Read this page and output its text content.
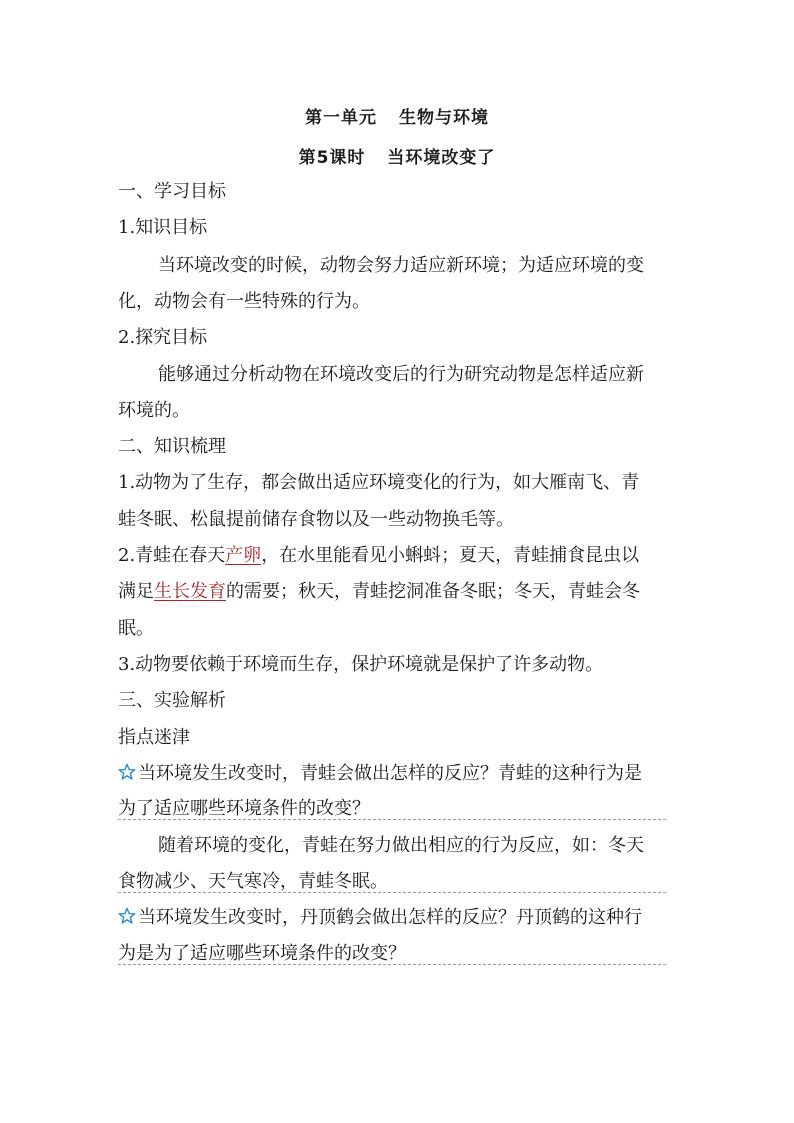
第一单元 生物与环境
第5课时 当环境改变了
一、学习目标
1.知识目标
当环境改变的时候，动物会努力适应新环境；为适应环境的变
化，动物会有一些特殊的行为。
2.探究目标
能够通过分析动物在环境改变后的行为研究动物是怎样适应新
环境的。
二、知识梳理
1.动物为了生存，都会做出适应环境变化的行为，如大雁南飞、青
蛙冬眠、松鼠提前储存食物以及一些动物换毛等。
2.青蛙在春天产卵，在水里能看见小蝌蚪；夏天，青蛙捕食昆虫以
满足生长发育的需要；秋天，青蛙挖洞准备冬眠；冬天，青蛙会冬
眠。
3.动物要依赖于环境而生存，保护环境就是保护了许多动物。
三、实验解析
指点迷津
当环境发生改变时，青蛙会做出怎样的反应？青蛙的这种行为是
为了适应哪些环境条件的改变？
随着环境的变化，青蛙在努力做出相应的行为反应，如：冬天
食物减少、天气寒冷，青蛙冬眠。
当环境发生改变时，丹顶鹤会做出怎样的反应？丹顶鹤的这种行
为是为了适应哪些环境条件的改变？
